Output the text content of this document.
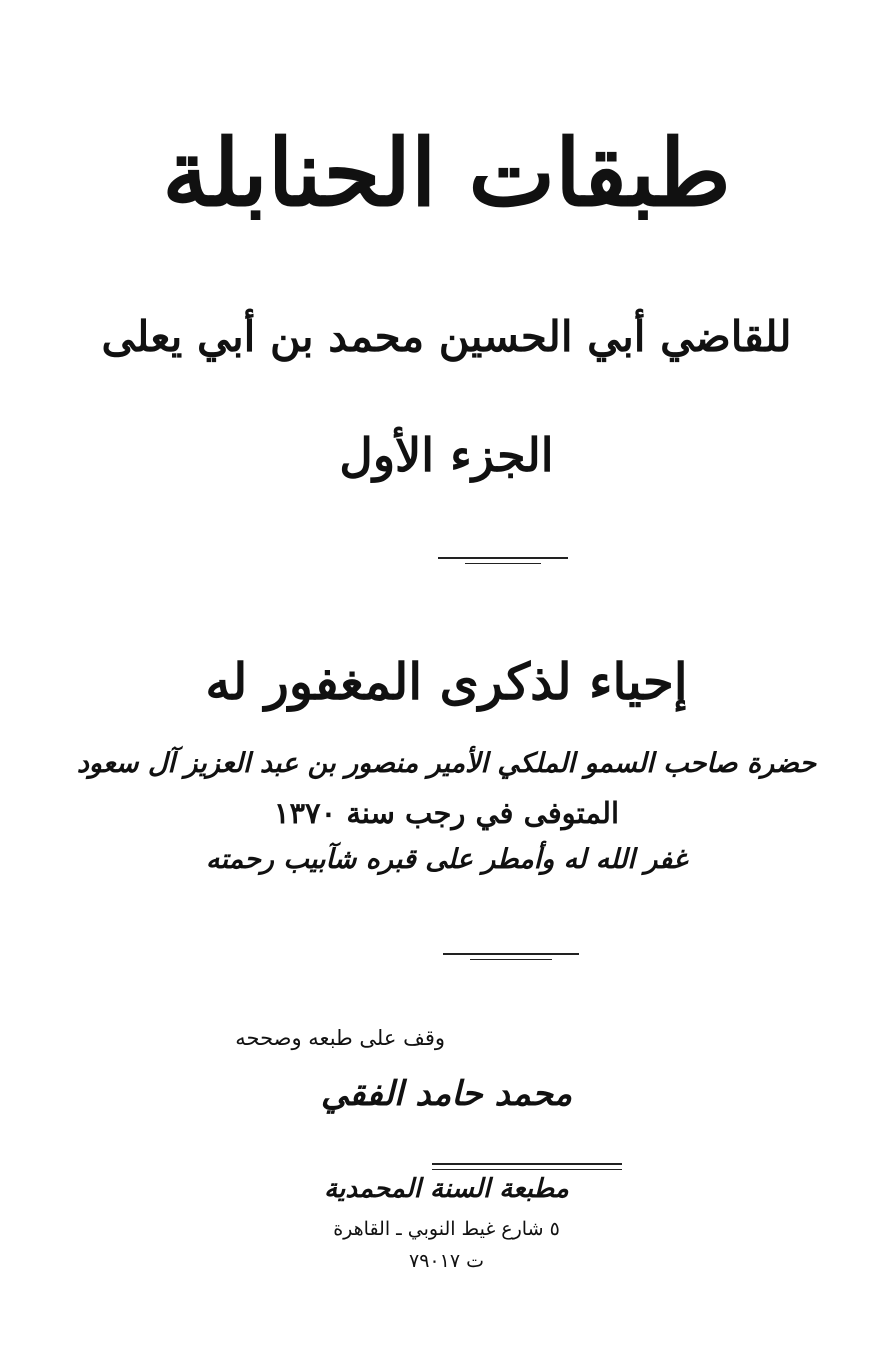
طبقات الحنابلة
للقاضي أبي الحسين محمد بن أبي يعلى
الجزء الأول
إحياء لذكرى المغفور له
حضرة صاحب السمو الملكي الأمير منصور بن عبد العزيز آل سعود
المتوفى في رجب سنة ١٣٧٠
غفر الله له وأمطر على قبره شآبيب رحمته
وقف على طبعه وصححه
محمد حامد الفقي
مطبعة السنة المحمدية
٥ شارع غيط النوبي ـ القاهرة
ت ٧٩٠١٧
